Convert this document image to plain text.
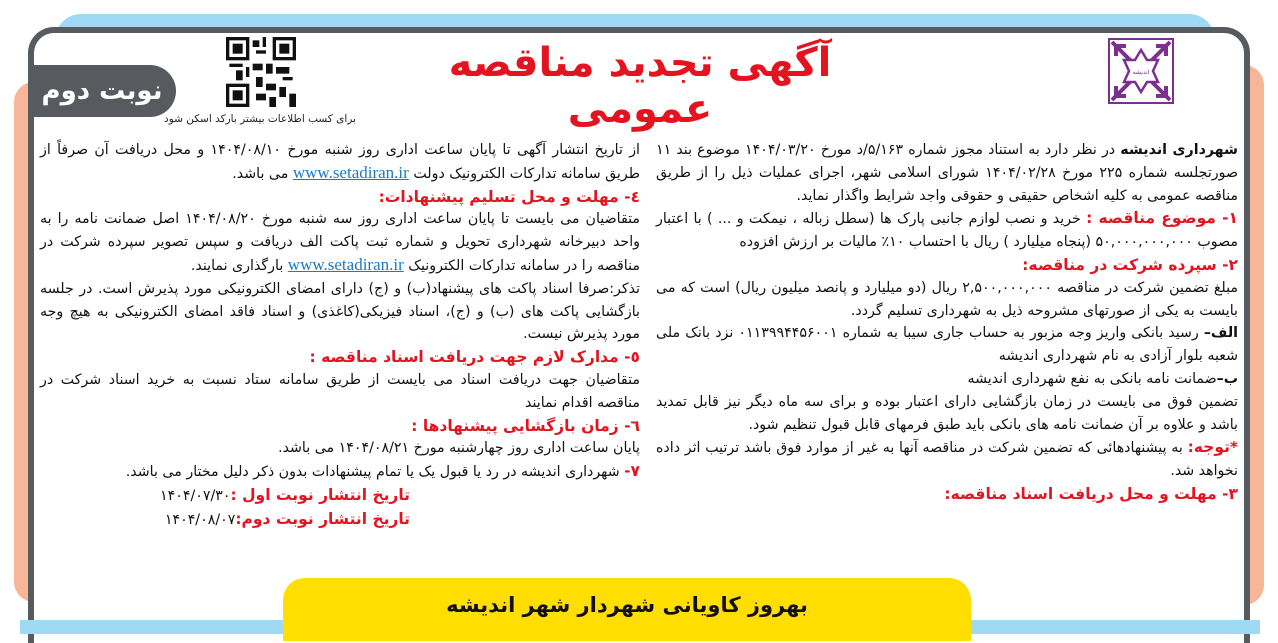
نوبت دوم
برای کسب اطلاعات بیشتر بارکد اسکن شود
آگهی تجدید مناقصه عمومی
اندیشه

شهرداری اندیشه در نظر دارد به استناد مجوز شماره ۵/۱۶۳/د مورخ ۱۴۰۴/۰۳/۲۰ موضوع بند ۱۱ صورتجلسه شماره ۲۲۵ مورخ ۱۴۰۴/۰۲/۲۸ شورای اسلامی شهر، اجرای عملیات ذیل را از طریق مناقصه عمومی به کلیه اشخاص حقیقی و حقوقی واجد شرایط واگذار نماید.

۱- موضوع مناقصه : خرید و نصب لوازم جانبی پارک ها (سطل زباله ، نیمکت و ... ) با اعتبار مصوب ۵۰,۰۰۰,۰۰۰,۰۰۰ (پنجاه میلیارد ) ریال با احتساب ۱۰٪ مالیات بر ارزش افزوده

۲- سپرده شرکت در مناقصه:

مبلغ تضمین شرکت در مناقصه ۲,۵۰۰,۰۰۰,۰۰۰ ریال (دو میلیارد و پانصد میلیون ریال) است که می بایست به یکی از صورتهای مشروحه ذیل به شهرداری تسلیم گردد.

الف– رسید بانکی واریز وجه مزبور به حساب جاری سیبا به شماره ۰۱۱۳۹۹۴۴۵۶۰۰۱ نزد بانک ملی شعبه بلوار آزادی به نام شهرداری اندیشه

ب–ضمانت نامه بانکی به نفع شهرداری اندیشه

تضمین فوق می بایست در زمان بازگشایی دارای اعتبار بوده و برای سه ماه دیگر نیز قابل تمدید باشد و علاوه بر آن ضمانت نامه های بانکی باید طبق فرمهای قابل قبول تنظیم شود.

*توجه: به پیشنهادهائی که تضمین شرکت در مناقصه آنها به غیر از موارد فوق باشد ترتیب اثر داده نخواهد شد.

۳- مهلت و محل دریافت اسناد مناقصه:

از تاریخ انتشار آگهی تا پایان ساعت اداری روز شنبه مورخ ۱۴۰۴/۰۸/۱۰ و محل دریافت آن صرفاً از طریق سامانه تدارکات الکترونیک دولت www.setadiran.ir می باشد.

٤- مهلت و محل تسلیم پیشنهادات:

متقاضیان می بایست تا پایان ساعت اداری روز سه شنبه مورخ ۱۴۰۴/۰۸/۲۰ اصل ضمانت نامه را به واحد دبیرخانه شهرداری تحویل و شماره ثبت پاکت الف دریافت و سپس تصویر سپرده شرکت در مناقصه را در سامانه تدارکات الکترونیک www.setadiran.ir بارگذاری نمایند.

تذکر:صرفا اسناد پاکت های پیشنهاد(ب) و (ج) دارای امضای الکترونیکی مورد پذیرش است. در جلسه بازگشایی پاکت های (ب) و (ج)، اسناد فیزیکی(کاغذی) و اسناد فاقد امضای الکترونیکی به هیچ وجه مورد پذیرش نیست.

٥- مدارک لازم جهت دریافت اسناد مناقصه :

متقاضیان جهت دریافت اسناد می بایست از طریق سامانه ستاد نسبت به خرید اسناد شرکت در مناقصه اقدام نمایند

٦- زمان بازگشایی پیشنهادها :

پایان ساعت اداری روز چهارشنبه مورخ ۱۴۰۴/۰۸/۲۱ می باشد.

۷- شهرداری اندیشه در رد یا قبول یک یا تمام پیشنهادات بدون ذکر دلیل مختار می باشد.

تاریخ انتشار نوبت اول :۱۴۰۴/۰۷/۳۰

تاریخ انتشار نوبت دوم:۱۴۰۴/۰۸/۰۷

بهروز کاویانی شهردار شهر اندیشه
